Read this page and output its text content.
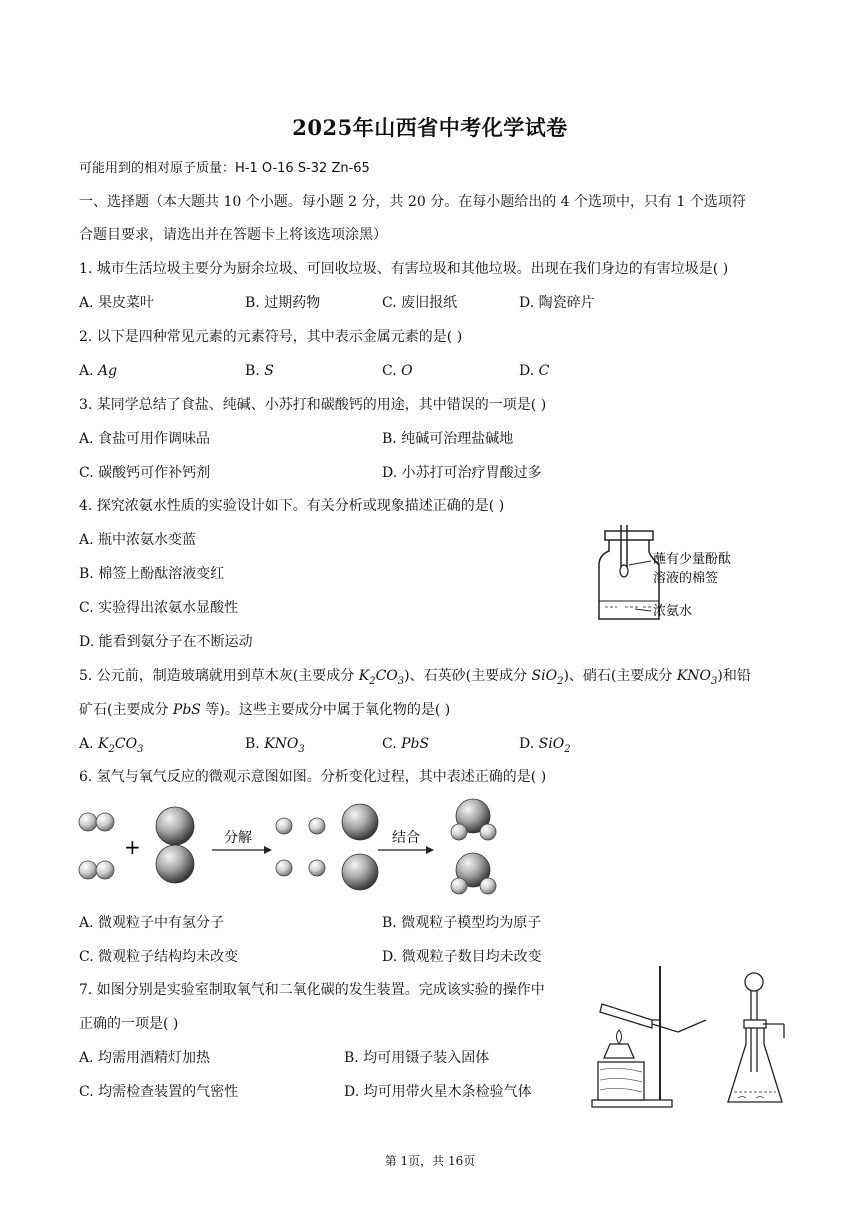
2025年山西省中考化学试卷
可能用到的相对原子质量：H-1 O-16 S-32 Zn-65
一、选择题（本大题共 10 个小题。每小题 2 分，共 20 分。在每小题给出的 4 个选项中，只有 1 个选项符
合题目要求，请选出并在答题卡上将该选项涂黑）
1. 城市生活垃圾主要分为厨余垃圾、可回收垃圾、有害垃圾和其他垃圾。出现在我们身边的有害垃圾是( )
A. 果皮菜叶	B. 过期药物	C. 废旧报纸	D. 陶瓷碎片
2. 以下是四种常见元素的元素符号，其中表示金属元素的是( )
A. Ag	B. S	C. O	D. C
3. 某同学总结了食盐、纯碱、小苏打和碳酸钙的用途，其中错误的一项是( )
A. 食盐可用作调味品	B. 纯碱可治理盐碱地
C. 碳酸钙可作补钙剂	D. 小苏打可治疗胃酸过多
4. 探究浓氨水性质的实验设计如下。有关分析或现象描述正确的是( )
A. 瓶中浓氨水变蓝
B. 棉签上酚酞溶液变红
C. 实验得出浓氨水显酸性
D. 能看到氨分子在不断运动
蘸有少量酚酞
溶液的棉签
浓氨水
5. 公元前，制造玻璃就用到草木灰(主要成分 $K_2CO_3$)、石英砂(主要成分 SiO$_2$)、硝石(主要成分 $KNO_3$)和铅
矿石(主要成分 PbS 等)。这些主要成分中属于氧化物的是( )
A. $K_2CO_3$	B. $KNO_3$	C. PbS	D. SiO$_2$
6. 氢气与氧气反应的微观示意图如图。分析变化过程，其中表述正确的是( )
+	分解	结合
A. 微观粒子中有氢分子	B. 微观粒子模型均为原子
C. 微观粒子结构均未改变	D. 微观粒子数目均未改变
7. 如图分别是实验室制取氧气和二氧化碳的发生装置。完成该实验的操作中
正确的一项是( )
A. 均需用酒精灯加热	B. 均可用镊子装入固体
C. 均需检查装置的气密性	D. 均可用带火星木条检验气体
第 1页，共 16页
